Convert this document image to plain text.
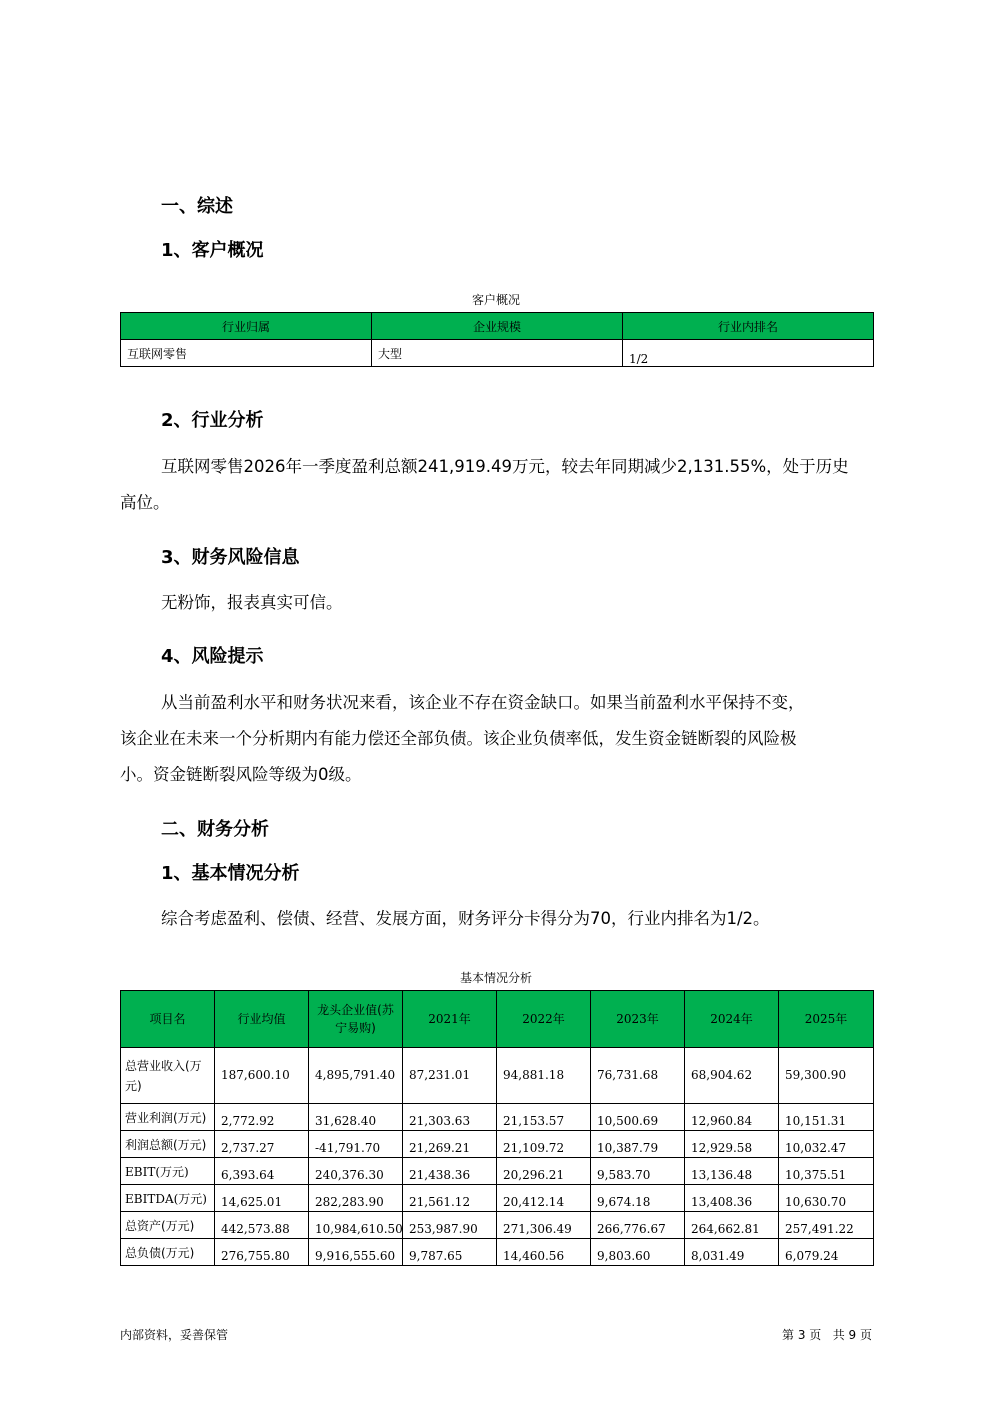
一、综述
1、客户概况
客户概况
行业归属	企业规模	行业内排名
互联网零售	大型	1/2
2、行业分析
互联网零售2026年一季度盈利总额241,919.49万元，较去年同期减少2,131.55%，处于历史
高位。
3、财务风险信息
无粉饰，报表真实可信。
4、风险提示
从当前盈利水平和财务状况来看，该企业不存在资金缺口。如果当前盈利水平保持不变，
该企业在未来一个分析期内有能力偿还全部负债。该企业负债率低，发生资金链断裂的风险极
小。资金链断裂风险等级为0级。
二、财务分析
1、基本情况分析
综合考虑盈利、偿债、经营、发展方面，财务评分卡得分为70，行业内排名为1/2。
基本情况分析
项目名	行业均值	龙头企业值(苏宁易购)	2021年	2022年	2023年	2024年	2025年
总营业收入(万元)	187,600.10	4,895,791.40	87,231.01	94,881.18	76,731.68	68,904.62	59,300.90
营业利润(万元)	2,772.92	31,628.40	21,303.63	21,153.57	10,500.69	12,960.84	10,151.31
利润总额(万元)	2,737.27	-41,791.70	21,269.21	21,109.72	10,387.79	12,929.58	10,032.47
EBIT(万元)	6,393.64	240,376.30	21,438.36	20,296.21	9,583.70	13,136.48	10,375.51
EBITDA(万元)	14,625.01	282,283.90	21,561.12	20,412.14	9,674.18	13,408.36	10,630.70
总资产(万元)	442,573.88	10,984,610.50	253,987.90	271,306.49	266,776.67	264,662.81	257,491.22
总负债(万元)	276,755.80	9,916,555.60	9,787.65	14,460.56	9,803.60	8,031.49	6,079.24
内部资料，妥善保管	第 3 页   共 9 页
